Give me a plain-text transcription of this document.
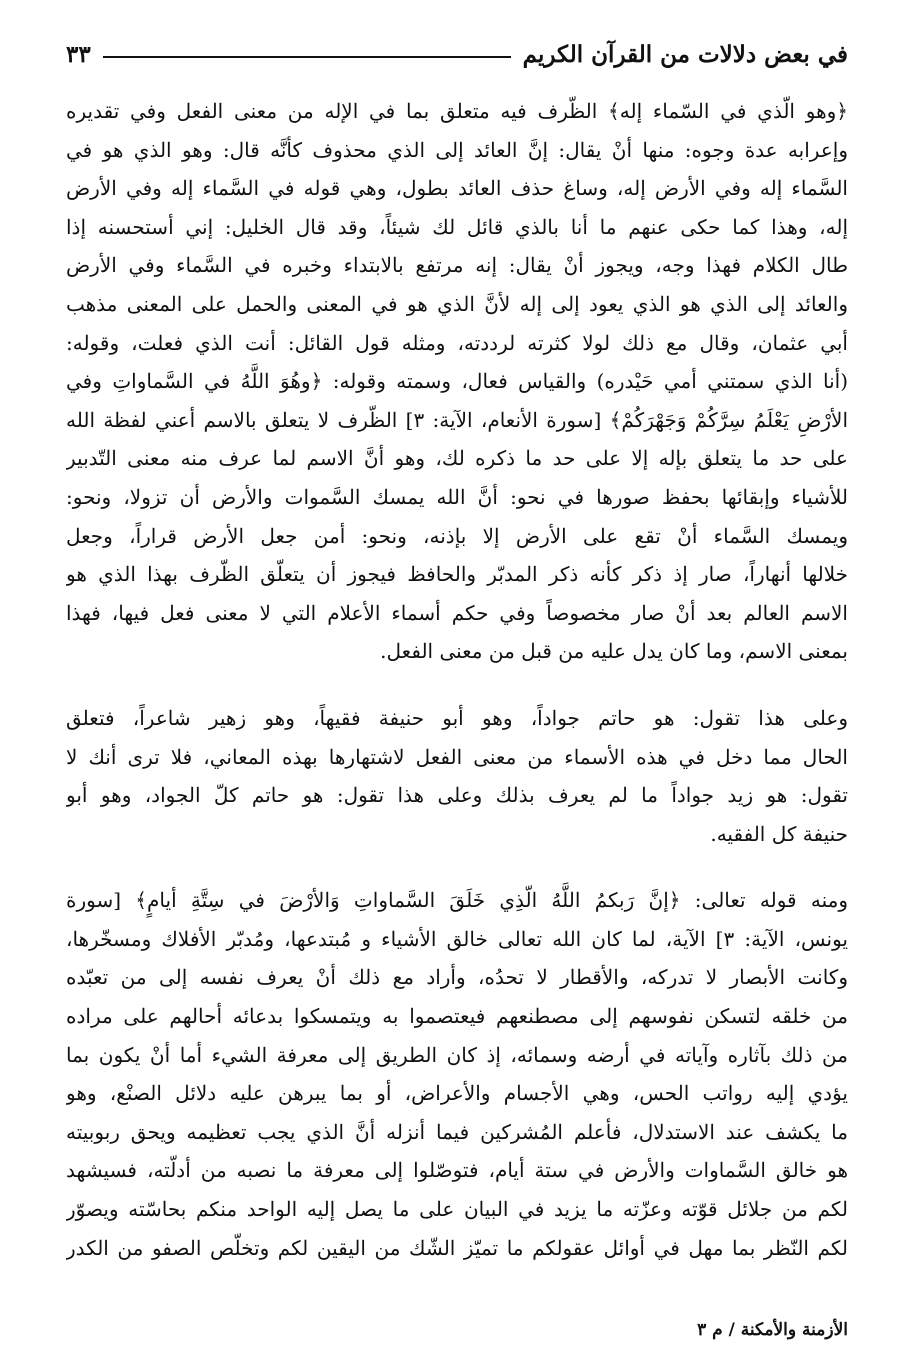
في بعض دلالات من القرآن الكريم
٣٣
﴿وهو الّذي في السّماء إله﴾ الظّرف فيه متعلق بما في الإله من معنى الفعل وفي تقديره
وإعرابه عدة وجوه: منها أنْ يقال: إنَّ العائد إلى الذي محذوف كأنَّه قال: وهو الذي هو في
السَّماء إله وفي الأرض إله، وساغ حذف العائد بطول، وهي قوله في السَّماء إله وفي الأرض
إله، وهذا كما حكى عنهم ما أنا بالذي قائل لك شيئاً، وقد قال الخليل: إني أستحسنه إذا
طال الكلام فهذا وجه، ويجوز أنْ يقال: إنه مرتفع بالابتداء وخبره في السَّماء وفي الأرض
والعائد إلى الذي هو الذي يعود إلى إله لأنَّ الذي هو في المعنى والحمل على المعنى مذهب
أبي عثمان، وقال مع ذلك لولا كثرته لرددته، ومثله قول القائل: أنت الذي فعلت، وقوله:
(أنا الذي سمتني أمي حَيْدره) والقياس فعال، وسمته وقوله: ﴿وهُوَ اللَّهُ في السَّماواتِ وفي
الأرْضِ يَعْلَمُ سِرَّكُمْ وَجَهْرَكُمْ﴾ [سورة الأنعام، الآية: ٣] الظّرف لا يتعلق بالاسم أعني لفظة الله
على حد ما يتعلق بإله إلا على حد ما ذكره لك، وهو أنَّ الاسم لما عرف منه معنى التّدبير
للأشياء وإبقائها بحفظ صورها في نحو: أنَّ الله يمسك السَّموات والأرض أن تزولا، ونحو:
ويمسك السَّماء أنْ تقع على الأرض إلا بإذنه، ونحو: أمن جعل الأرض قراراً، وجعل
خلالها أنهاراً، صار إذ ذكر كأنه ذكر المدبّر والحافظ فيجوز أن يتعلّق الظّرف بهذا الذي هو
الاسم العالم بعد أنْ صار مخصوصاً وفي حكم أسماء الأعلام التي لا معنى فعل فيها، فهذا
بمعنى الاسم، وما كان يدل عليه من قبل من معنى الفعل.
وعلى هذا تقول: هو حاتم جواداً، وهو أبو حنيفة فقيهاً، وهو زهير شاعراً، فتعلق
الحال مما دخل في هذه الأسماء من معنى الفعل لاشتهارها بهذه المعاني، فلا ترى أنك لا
تقول: هو زيد جواداً ما لم يعرف بذلك وعلى هذا تقول: هو حاتم كلّ الجواد، وهو أبو
حنيفة كل الفقيه.
ومنه قوله تعالى: ﴿إنَّ رَبكمُ اللَّهُ الّذِي خَلَقَ السَّماواتِ وَالأرْضَ في سِتَّةِ أيامٍ﴾ [سورة
يونس، الآية: ٣] الآية، لما كان الله تعالى خالق الأشياء و مُبتدعها، ومُدبّر الأفلاك ومسخّرها،
وكانت الأبصار لا تدركه، والأقطار لا تحدُه، وأراد مع ذلك أنْ يعرف نفسه إلى من تعبّده
من خلقه لتسكن نفوسهم إلى مصطنعهم فيعتصموا به ويتمسكوا بدعائه أحالهم على مراده
من ذلك بآثاره وآياته في أرضه وسمائه، إذ كان الطريق إلى معرفة الشيء أما أنْ يكون بما
يؤدي إليه رواتب الحس، وهي الأجسام والأعراض، أو بما يبرهن عليه دلائل الصنْع، وهو
ما يكشف عند الاستدلال، فأعلم المُشركين فيما أنزله أنَّ الذي يجب تعظيمه ويحق ربوبيته
هو خالق السَّماوات والأرض في ستة أيام، فتوصّلوا إلى معرفة ما نصبه من أدلّته، فسيشهد
لكم من جلائل قوّته وعزّته ما يزيد في البيان على ما يصل إليه الواحد منكم بحاسّته ويصوّر
لكم النّظر بما مهل في أوائل عقولكم ما تميّز الشّك من اليقين لكم وتخلّص الصفو من الكدر
الأزمنة والأمكنة / م ٣
